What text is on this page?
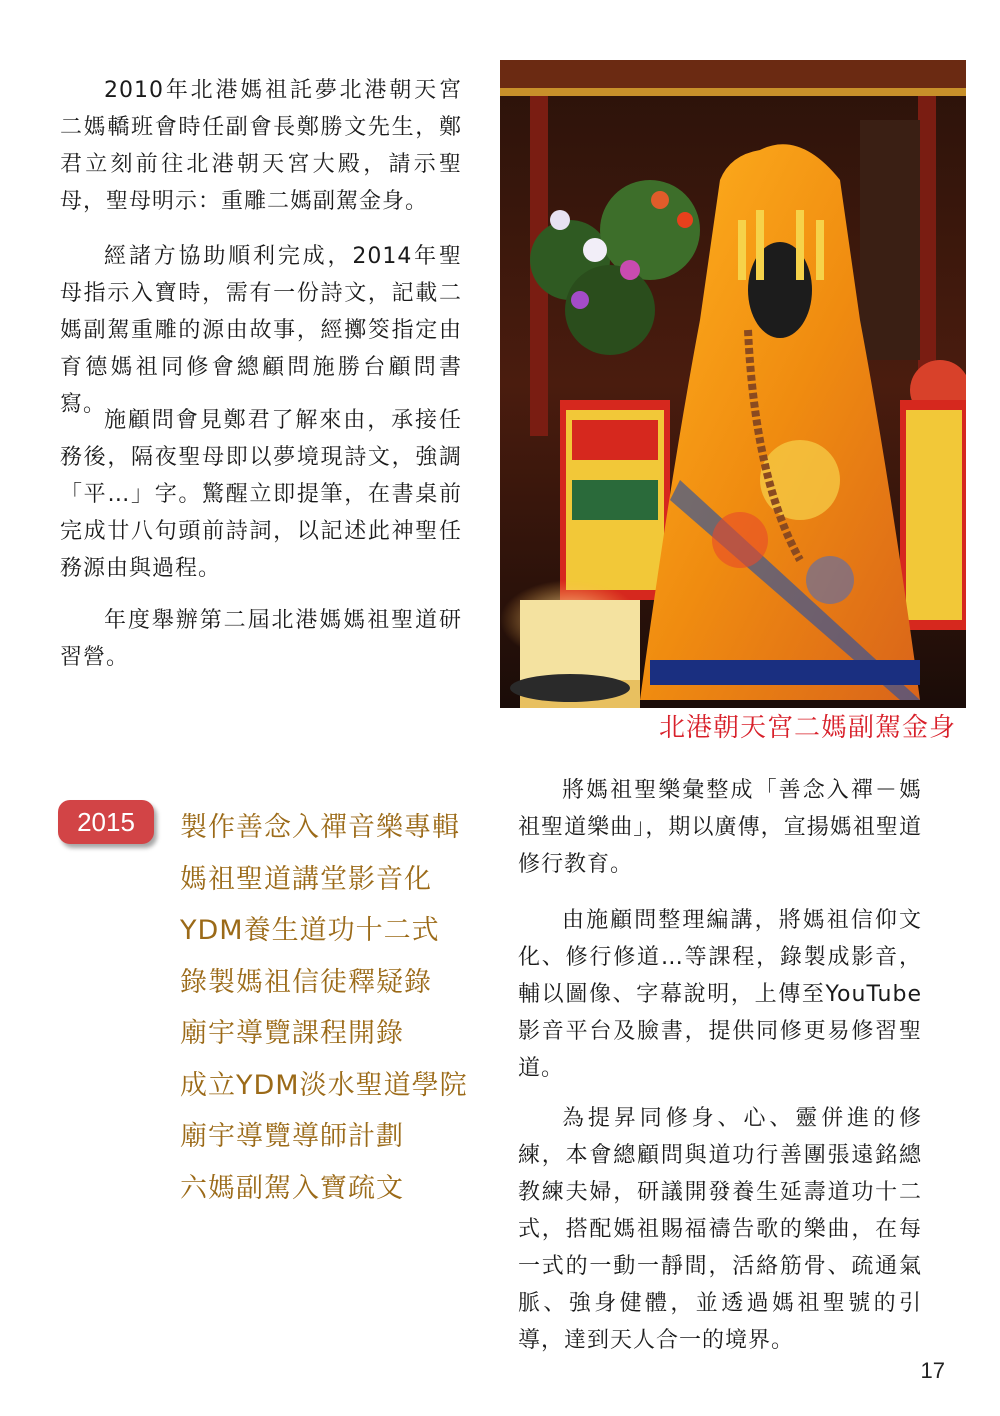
2010年北港媽祖託夢北港朝天宮二媽轎班會時任副會長鄭勝文先生，鄭君立刻前往北港朝天宮大殿，請示聖母，聖母明示：重雕二媽副駕金身。

經諸方協助順利完成，2014年聖母指示入寶時，需有一份詩文，記載二媽副駕重雕的源由故事，經擲筊指定由育德媽祖同修會總顧問施勝台顧問書寫。

施顧問會見鄭君了解來由，承接任務後，隔夜聖母即以夢境現詩文，強調「平…」字。驚醒立即提筆，在書桌前完成廿八句頭前詩詞，以記述此神聖任務源由與過程。

年度舉辦第二屆北港媽媽祖聖道研習營。

北港朝天宮二媽副駕金身
2015	製作善念入禪音樂專輯
媽祖聖道講堂影音化
YDM養生道功十二式
錄製媽祖信徒釋疑錄
廟宇導覽課程開錄
成立YDM淡水聖道學院
廟宇導覽導師計劃
六媽副駕入寶疏文

將媽祖聖樂彙整成「善念入禪－媽祖聖道樂曲」，期以廣傳，宣揚媽祖聖道修行教育。

由施顧問整理編講，將媽祖信仰文化、修行修道…等課程，錄製成影音，輔以圖像、字幕說明，上傳至YouTube影音平台及臉書，提供同修更易修習聖道。

為提昇同修身、心、靈併進的修練，本會總顧問與道功行善團張遠銘總教練夫婦，研議開發養生延壽道功十二式，搭配媽祖賜福禱告歌的樂曲，在每一式的一動一靜間，活絡筋骨、疏通氣脈、強身健體，並透過媽祖聖號的引導，達到天人合一的境界。

17
